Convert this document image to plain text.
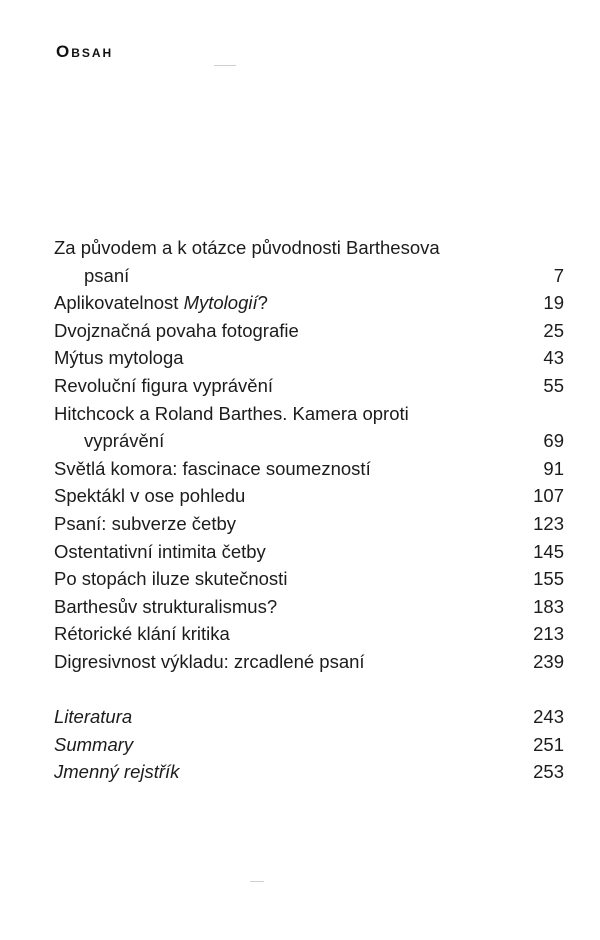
Obsah
Za původem a k otázce původnosti Barthesova
psaní	7
Aplikovatelnost Mytologií?	19
Dvojznačná povaha fotografie	25
Mýtus mytologa	43
Revoluční figura vyprávění	55
Hitchcock a Roland Barthes. Kamera oproti
vyprávění	69
Světlá komora: fascinace soumezností	91
Spektákl v ose pohledu	107
Psaní: subverze četby	123
Ostentativní intimita četby	145
Po stopách iluze skutečnosti	155
Barthesův strukturalismus?	183
Rétorické klání kritika	213
Digresivnost výkladu: zrcadlené psaní	239
Literatura	243
Summary	251
Jmenný rejstřík	253
